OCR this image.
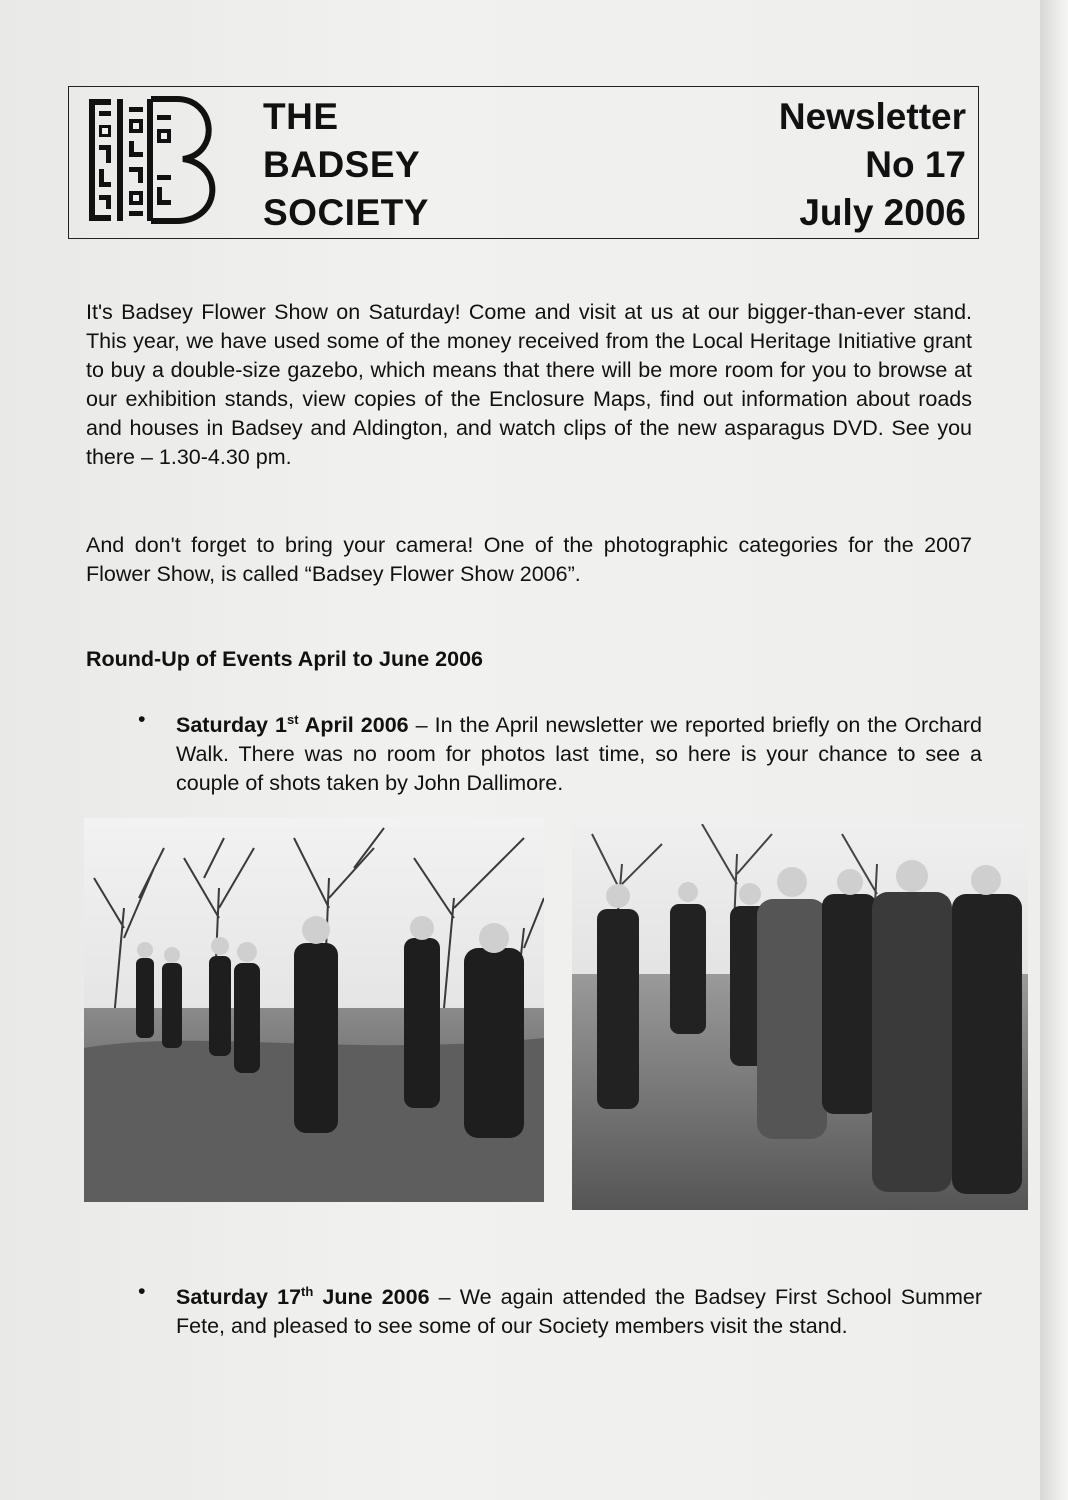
THE
BADSEY
SOCIETY
Newsletter
No 17
July 2006

It's Badsey Flower Show on Saturday! Come and visit at us at our bigger-than-ever stand. This year, we have used some of the money received from the Local Heritage Initiative grant to buy a double-size gazebo, which means that there will be more room for you to browse at our exhibition stands, view copies of the Enclosure Maps, find out information about roads and houses in Badsey and Aldington, and watch clips of the new asparagus DVD. See you there – 1.30-4.30 pm.

And don't forget to bring your camera! One of the photographic categories for the 2007 Flower Show, is called “Badsey Flower Show 2006”.

Round-Up of Events April to June 2006

• Saturday 1st April 2006 – In the April newsletter we reported briefly on the Orchard Walk. There was no room for photos last time, so here is your chance to see a couple of shots taken by John Dallimore.
• Saturday 17th June 2006 – We again attended the Badsey First School Summer Fete, and pleased to see some of our Society members visit the stand.
